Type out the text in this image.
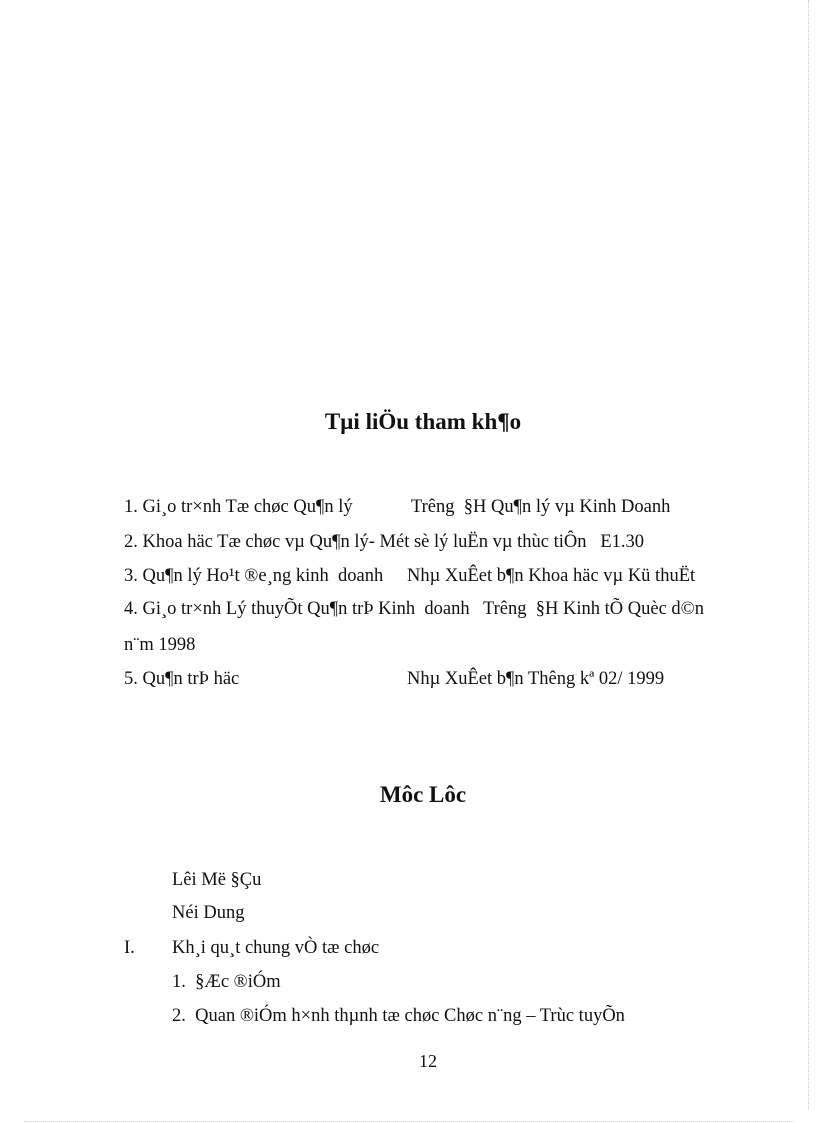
Tµi liÖu tham kh¶o
1. Gi¸o tr×nh Tæ chøc Qu¶n lý	Trêng  §H Qu¶n lý vµ Kinh Doanh
2. Khoa häc Tæ chøc vµ Qu¶n lý- Mét sè lý luËn vµ thùc tiÔn   E1.30
3. Qu¶n lý Ho¹t ®e¸ng kinh  doanh Nhµ XuÊet b¶n Khoa häc vµ Kü thuËt
4. Gi¸o tr×nh Lý thuyÕt Qu¶n trÞ Kinh  doanh Trêng  §H Kinh tÕ Quèc d©n
n¨m 1998
5. Qu¶n trÞ häc	Nhµ XuÊet b¶n Thêng kª 02/ 1999
Môc Lôc
Lêi Më §Çu
Néi Dung
I. Kh¸i qu¸t chung vÒ tæ chøc
1.  §Æc ®iÓm
2.  Quan ®iÓm h×nh thµnh tæ chøc Chøc n¨ng – Trùc tuyÕn
12
